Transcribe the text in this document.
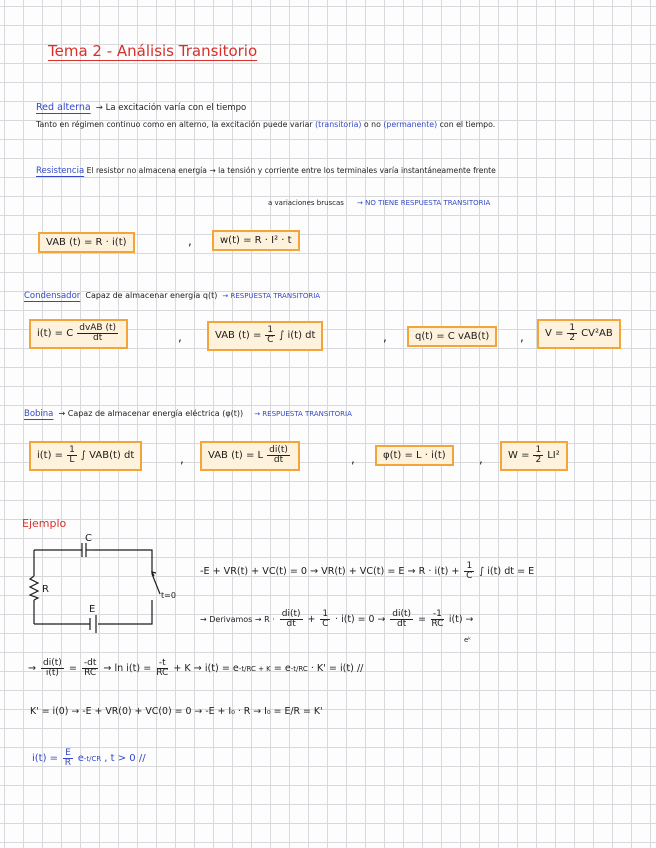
Tema 2 - Análisis Transitorio
Red alterna → La excitación varía con el tiempo
Tanto en régimen continuo como en alterno, la excitación puede variar (transitoria) o no (permanente) con el tiempo.
Resistencia El resistor no almacena energía → la tensión y corriente entre los terminales varía instantáneamente frente
a variaciones bruscas → NO TIENE RESPUESTA TRANSITORIA
VAB (t) = R · i(t)	,	w(t) = R · I² · t
Condensador Capaz de almacenar energía q(t) → RESPUESTA TRANSITORIA
i(t) = C $\frac{\text{dvAB (t)}}{dt}$	,	VAB $(t) = \frac{1}{C}$ ∫ i(t) dt	,	q(t) = C vAB(t)	, $V = \frac{1}{2} CV^2AB$
Bobina → Capaz de almacenar energía eléctrica (φ(t)) → RESPUESTA TRANSITORIA
$i(t) = \frac{1}{L}$ ∫ VAB(t) dt	, VAB (t) = L $\frac{di(t)}{dt}$	,	φ(t) = L · i(t)	,	$W = \frac{1}{2} LI^2$
Ejemplo
C
R
E
t=0
$-E + VR(t) + VC(t) = 0 \to VR(t) + VC(t) = E \to R \cdot i(t) + \frac{1}{C}$ ∫ i(t) dt = E
→ Derivamos → $R \cdot \frac{di(t)}{dt} + \frac{1}{C} \cdot i(t) = 0 \to \frac{di(t)}{dt} = \frac{-1}{RC} i(t)$ →
eᵏ
→ $\frac{di(t)}{i(t)} = \frac{-dt}{RC} \to \ln i(t) = \frac{-t}{RC} + K \to i(t) = e$ -t/RC + K = e -t/RC · K' = i(t) //
K' = i(0) → -E + VR(0) + VC(0) = 0 → -E + I₀ · R → I₀ = E/R = K'
$i(t) = \frac{E}{R}$ e -t/CR , t > 0 //
